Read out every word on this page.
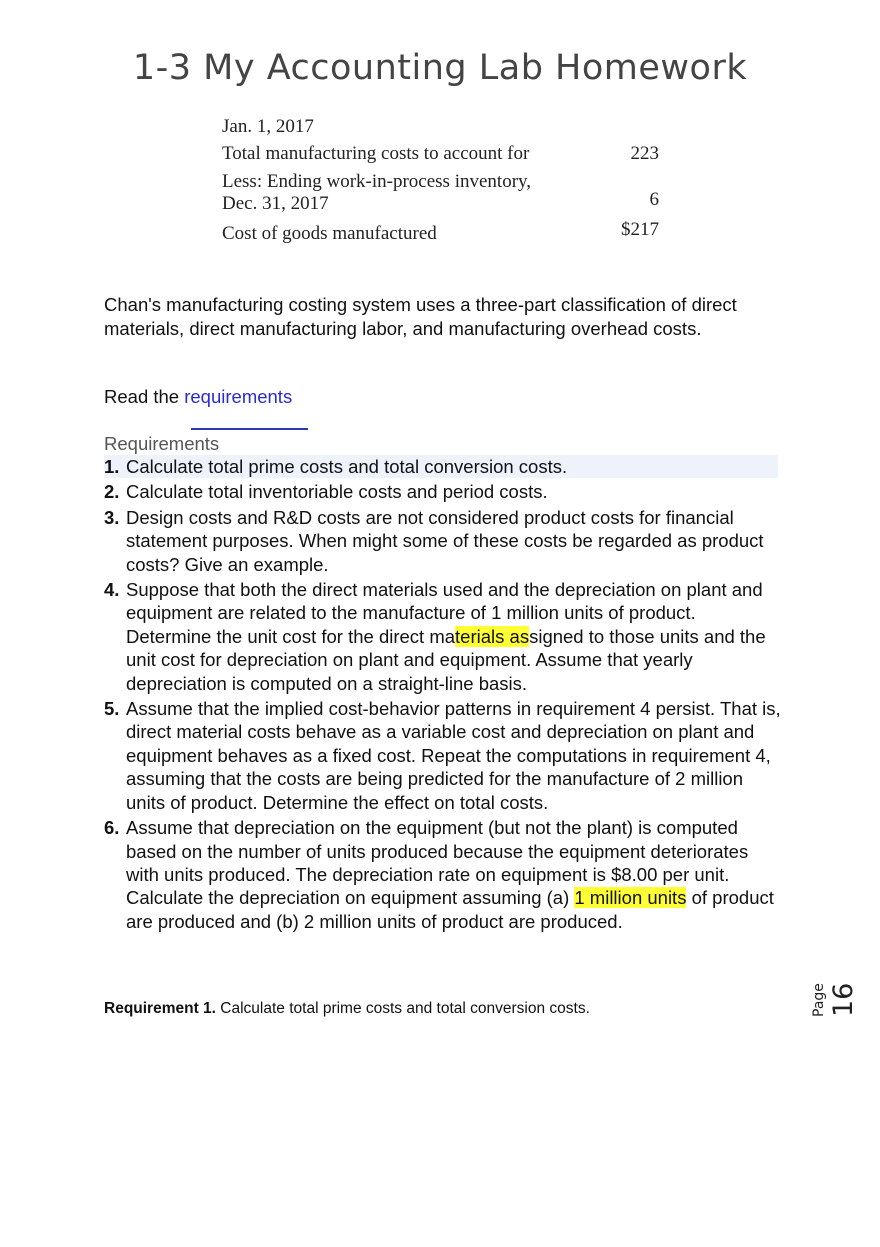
1-3 My Accounting Lab Homework
Jan. 1, 2017
Total manufacturing costs to account for	223
Less: Ending work-in-process inventory,
Dec. 31, 2017	6
Cost of goods manufactured	$217
Chan's manufacturing costing system uses a three-part classification of direct materials, direct manufacturing labor, and manufacturing overhead costs.
Read the requirements
Requirements
1. Calculate total prime costs and total conversion costs.
2. Calculate total inventoriable costs and period costs.
3. Design costs and R&D costs are not considered product costs for financial statement purposes. When might some of these costs be regarded as product costs? Give an example.
4. Suppose that both the direct materials used and the depreciation on plant and equipment are related to the manufacture of 1 million units of product. Determine the unit cost for the direct materials assigned to those units and the unit cost for depreciation on plant and equipment. Assume that yearly depreciation is computed on a straight-line basis.
5. Assume that the implied cost-behavior patterns in requirement 4 persist. That is, direct material costs behave as a variable cost and depreciation on plant and equipment behaves as a fixed cost. Repeat the computations in requirement 4, assuming that the costs are being predicted for the manufacture of 2 million units of product. Determine the effect on total costs.
6. Assume that depreciation on the equipment (but not the plant) is computed based on the number of units produced because the equipment deteriorates with units produced. The depreciation rate on equipment is $8.00 per unit. Calculate the depreciation on equipment assuming (a) 1 million units of product are produced and (b) 2 million units of product are produced.
Requirement 1. Calculate total prime costs and total conversion costs.	Page 16
